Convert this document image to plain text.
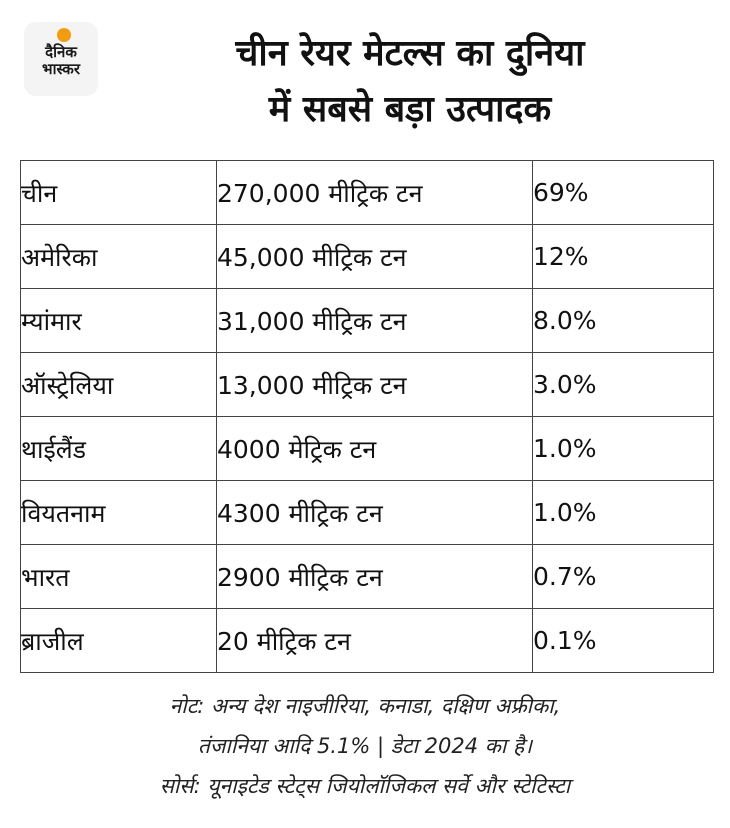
दैनिक
भास्कर	चीन रेयर मेटल्स का दुनिया
में सबसे बड़ा उत्पादक
चीन	270,000 मीट्रिक टन	69%
अमेरिका	45,000 मीट्रिक टन	12%
म्यांमार	31,000 मीट्रिक टन	8.0%
ऑस्ट्रेलिया	13,000 मीट्रिक टन	3.0%
थाईलैंड	4000 मेट्रिक टन	1.0%
वियतनाम	4300 मीट्रिक टन	1.0%
भारत	2900 मीट्रिक टन	0.7%
ब्राजील	20 मीट्रिक टन	0.1%
नोट: अन्य देश नाइजीरिया, कनाडा, दक्षिण अफ्रीका,
तंजानिया आदि 5.1% | डेटा 2024 का है।
सोर्स: यूनाइटेड स्टेट्स जियोलॉजिकल सर्वे और स्टेटिस्टा
